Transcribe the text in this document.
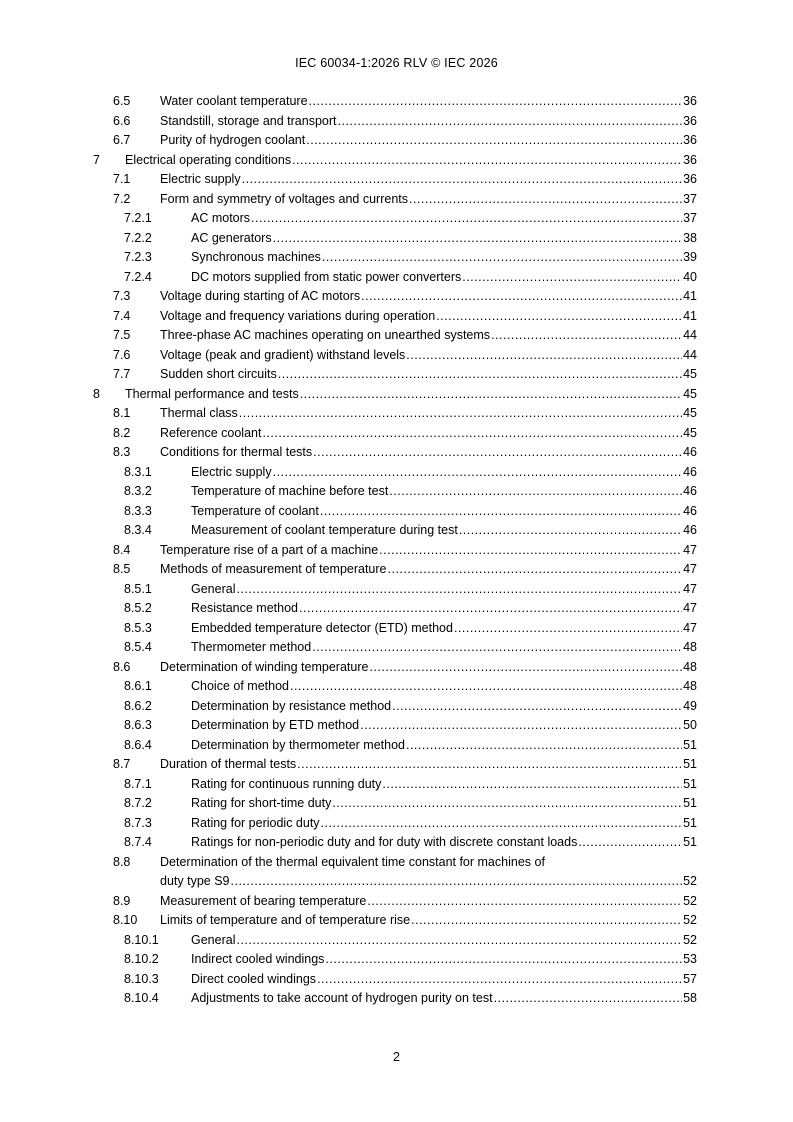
IEC 60034-1:2026 RLV © IEC 2026
6.5 Water coolant temperature .....	36
6.6 Standstill, storage and transport .....	36
6.7 Purity of hydrogen coolant .....	36
7 Electrical operating conditions .....	36
7.1 Electric supply .....	36
7.2 Form and symmetry of voltages and currents .....	37
7.2.1	AC motors .....	37
7.2.2	AC generators .....	38
7.2.3	Synchronous machines .....	39
7.2.4	DC motors supplied from static power converters .....	40
7.3 Voltage during starting of AC motors .....	41
7.4 Voltage and frequency variations during operation .....	41
7.5 Three-phase AC machines operating on unearthed systems .....	44
7.6 Voltage (peak and gradient) withstand levels .....	44
7.7 Sudden short circuits .....	45
8 Thermal performance and tests .....	45
8.1 Thermal class .....	45
8.2 Reference coolant .....	45
8.3 Conditions for thermal tests .....	46
8.3.1	Electric supply .....	46
8.3.2	Temperature of machine before test .....	46
8.3.3	Temperature of coolant .....	46
8.3.4	Measurement of coolant temperature during test .....	46
8.4 Temperature rise of a part of a machine .....	47
8.5 Methods of measurement of temperature .....	47
8.5.1	General .....	47
8.5.2	Resistance method .....	47
8.5.3	Embedded temperature detector (ETD) method .....	47
8.5.4	Thermometer method .....	48
8.6 Determination of winding temperature .....	48
8.6.1	Choice of method .....	48
8.6.2	Determination by resistance method .....	49
8.6.3	Determination by ETD method .....	50
8.6.4	Determination by thermometer method .....	51
8.7 Duration of thermal tests .....	51
8.7.1	Rating for continuous running duty .....	51
8.7.2	Rating for short-time duty .....	51
8.7.3	Rating for periodic duty .....	51
8.7.4	Ratings for non-periodic duty and for duty with discrete constant loads .....	51
8.8 Determination of the thermal equivalent time constant for machines of
duty type S9 .....	52
8.9 Measurement of bearing temperature .....	52
8.10 Limits of temperature and of temperature rise .....	52
8.10.1	General .....	52
8.10.2	Indirect cooled windings .....	53
8.10.3	Direct cooled windings .....	57
8.10.4	Adjustments to take account of hydrogen purity on test .....	58
2
